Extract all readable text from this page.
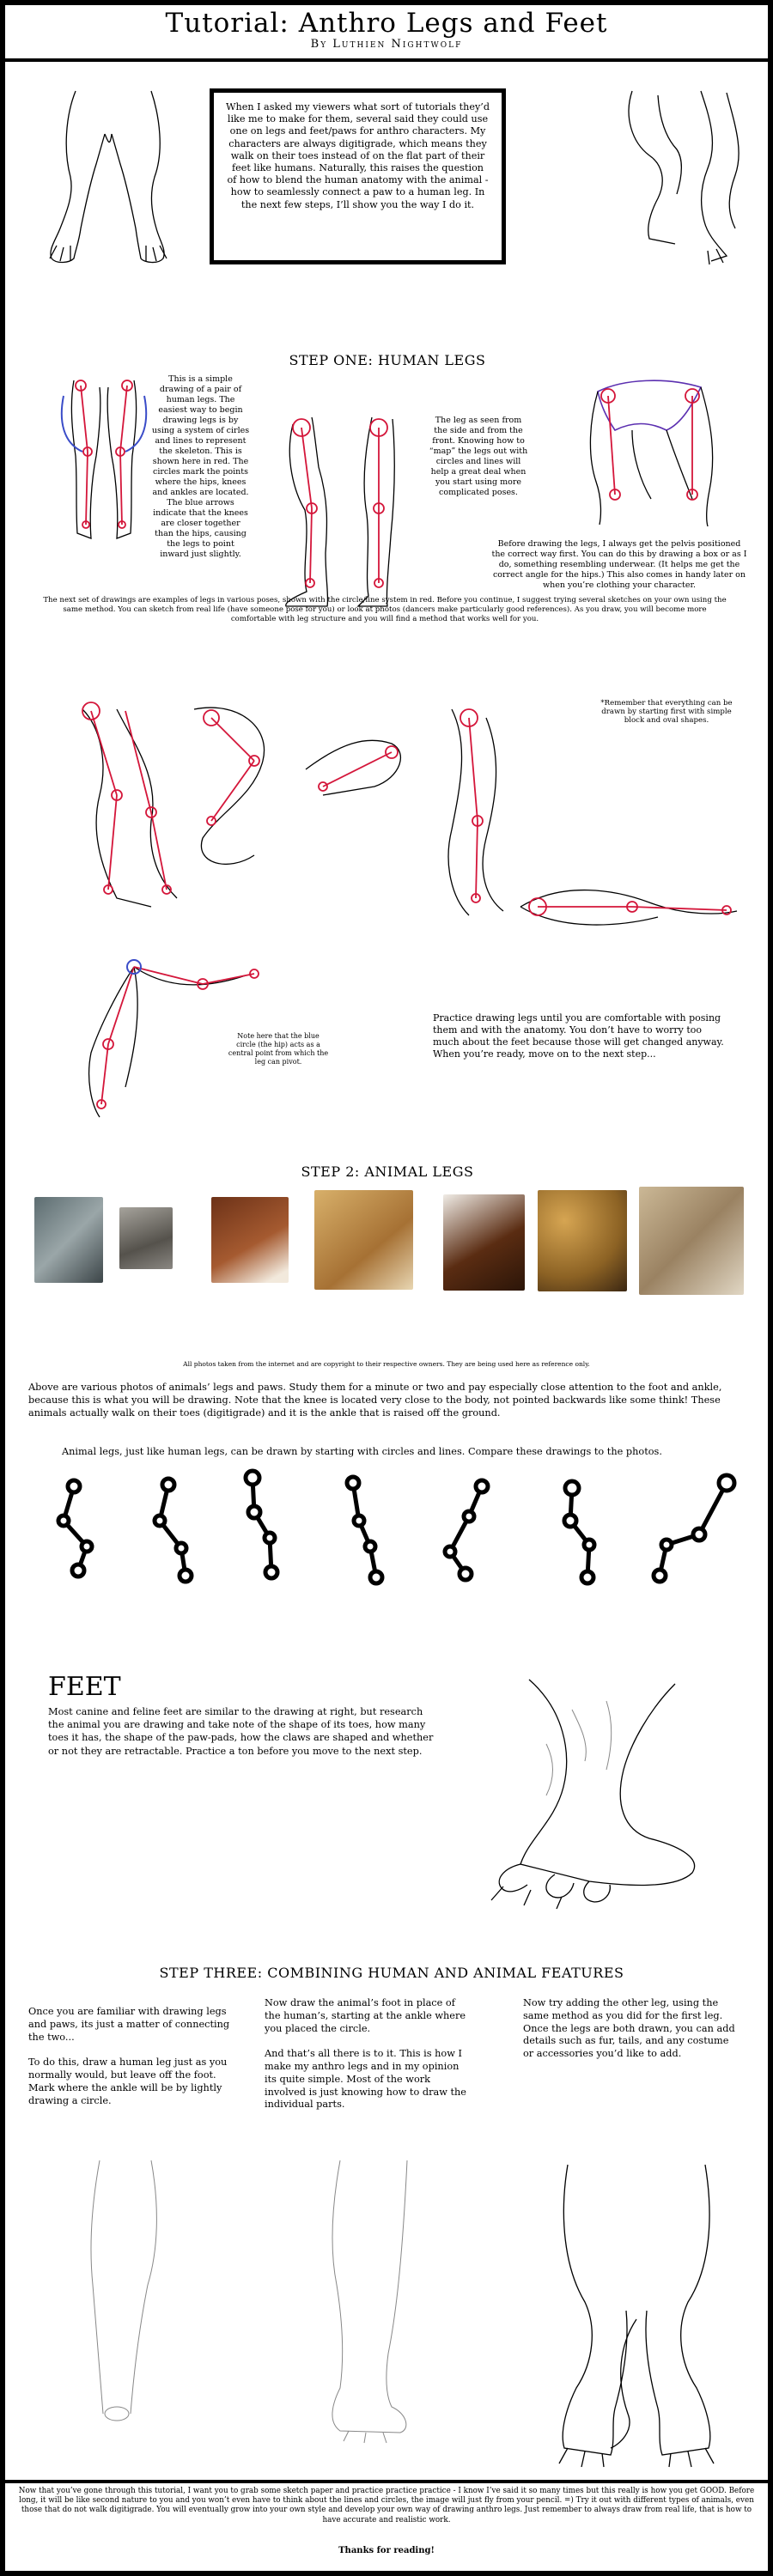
Tutorial: Anthro Legs and Feet
By Luthien Nightwolf
When I asked my viewers what sort of tutorials they’d like me to make for them, several said they could use one on legs and feet/paws for anthro characters. My characters are always digitigrade, which means they walk on their toes instead of on the flat part of their feet like humans. Naturally, this raises the question of how to blend the human anatomy with the animal - how to seamlessly connect a paw to a human leg. In the next few steps, I’ll show you the way I do it.
STEP ONE: HUMAN LEGS
This is a simple drawing of a pair of human legs. The easiest way to begin drawing legs is by using a system of cirles and lines to represent the skeleton. This is shown here in red. The circles mark the points where the hips, knees and ankles are located. The blue arrows indicate that the knees are closer together than the hips, causing the legs to point inward just slightly.
The leg as seen from the side and from the front. Knowing how to “map” the legs out with circles and lines will help a great deal when you start using more complicated poses.
Before drawing the legs, I always get the pelvis positioned the correct way first. You can do this by drawing a box or as I do, something resembling underwear. (It helps me get the correct angle for the hips.) This also comes in handy later on when you’re clothing your character.
The next set of drawings are examples of legs in various poses, shown with the circle/line system in red. Before you continue, I suggest trying several sketches on your own using the same method. You can sketch from real life (have someone pose for you) or look at photos (dancers make particularly good references). As you draw, you will become more comfortable with leg structure and you will find a method that works well for you.
*Remember that everything can be drawn by starting first with simple block and oval shapes.
Note here that the blue circle (the hip) acts as a central point from which the leg can pivot.
Practice drawing legs until you are comfortable with posing them and with the anatomy. You don’t have to worry too much about the feet because those will get changed anyway. When you’re ready, move on to the next step...
STEP 2: ANIMAL LEGS
All photos taken from the internet and are copyright to their respective owners. They are being used here as reference only.
Above are various photos of animals’ legs and paws. Study them for a minute or two and pay especially close attention to the foot and ankle, because this is what you will be drawing. Note that the knee is located very close to the body, not pointed backwards like some think! These animals actually walk on their toes (digitigrade) and it is the ankle that is raised off the ground.
Animal legs, just like human legs, can be drawn by starting with circles and lines. Compare these drawings to the photos.
FEET
Most canine and feline feet are similar to the drawing at right, but research the animal you are drawing and take note of the shape of its toes, how many toes it has, the shape of the paw-pads, how the claws are shaped and whether or not they are retractable. Practice a ton before you move to the next step.
STEP THREE: COMBINING HUMAN AND ANIMAL FEATURES
Once you are familiar with drawing legs and paws, its just a matter of connecting the two...

To do this, draw a human leg just as you normally would, but leave off the foot. Mark where the ankle will be by lightly drawing a circle.
Now draw the animal’s foot in place of the human’s, starting at the ankle where you placed the circle.

And that’s all there is to it. This is how I make my anthro legs and in my opinion its quite simple. Most of the work involved is just knowing how to draw the individual parts.
Now try adding the other leg, using the same method as you did for the first leg. Once the legs are both drawn, you can add details such as fur, tails, and any costume or accessories you’d like to add.
Now that you’ve gone through this tutorial, I want you to grab some sketch paper and practice practice practice - I know I’ve said it so many times but this really is how you get GOOD. Before long, it will be like second nature to you and you won’t even have to think about the lines and circles, the image will just fly from your pencil. =) Try it out with different types of animals, even those that do not walk digitigrade. You will eventually grow into your own style and develop your own way of drawing anthro legs. Just remember to always draw from real life, that is how to have accurate and realistic work.
Thanks for reading!
